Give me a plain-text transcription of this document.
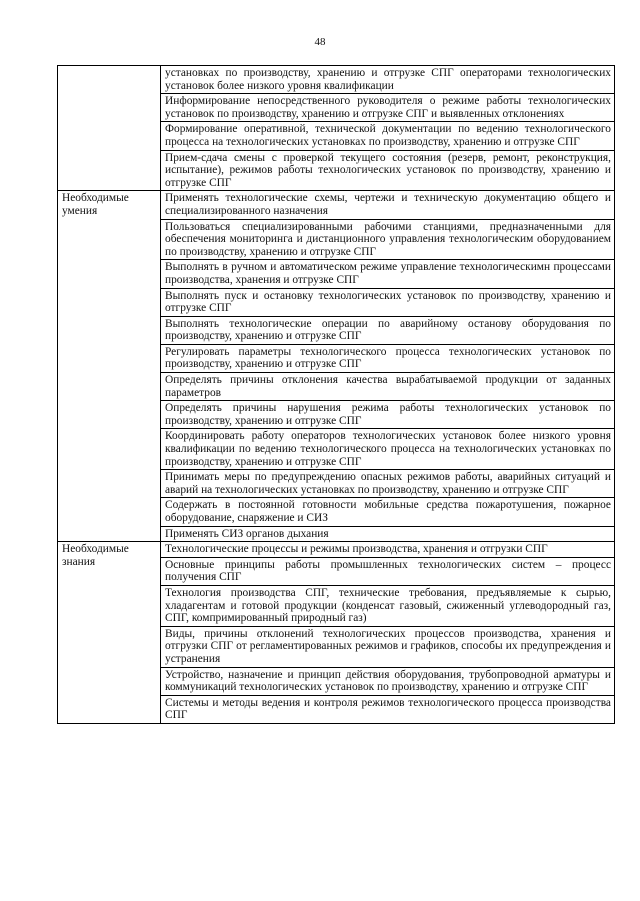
48
	установках по производству, хранению и отгрузке СПГ операторами технологических установок более низкого уровня квалификации
	Информирование непосредственного руководителя о режиме работы технологических установок по производству, хранению и отгрузке СПГ и выявленных отклонениях
	Формирование оперативной, технической документации по ведению технологического процесса на технологических установках по производству, хранению и отгрузке СПГ
	Прием-сдача смены с проверкой текущего состояния (резерв, ремонт, реконструкция, испытание), режимов работы технологических установок по производству, хранению и отгрузке СПГ
Необходимые умения	Применять технологические схемы, чертежи и техническую документацию общего и специализированного назначения
	Пользоваться специализированными рабочими станциями, предназначенными для обеспечения мониторинга и дистанционного управления технологическим оборудованием по производству, хранению и отгрузке СПГ
	Выполнять в ручном и автоматическом режиме управление технологическимн процессами производства, хранения и отгрузке СПГ
	Выполнять пуск и остановку технологических установок по производству, хранению и отгрузке СПГ
	Выполнять технологические операции по аварийному останову оборудования по производству, хранению и отгрузке СПГ
	Регулировать параметры технологического процесса технологических установок по производству, хранению и отгрузке СПГ
	Определять причины отклонения качества вырабатываемой продукции от заданных параметров
	Определять причины нарушения режима работы технологических установок по производству, хранению и отгрузке СПГ
	Координировать работу операторов технологических установок более низкого уровня квалификации по ведению технологического процесса на технологических установках по производству, хранению и отгрузке СПГ
	Принимать меры по предупреждению опасных режимов работы, аварийных ситуаций и аварий на технологических установках по производству, хранению и отгрузке СПГ
	Содержать в постоянной готовности мобильные средства пожаротушения, пожарное оборудование, снаряжение и СИЗ
	Применять СИЗ органов дыхания
Необходимые знания	Технологические процессы и режимы производства, хранения и отгрузки СПГ
	Основные принципы работы промышленных технологических систем – процесс получения СПГ
	Технология производства СПГ, технические требования, предъявляемые к сырью, хладагентам и готовой продукции (конденсат газовый, сжиженный углеводородный газ, СПГ, компримированный природный газ)
	Виды, причины отклонений технологических процессов производства, хранения и отгрузки СПГ от регламентированных режимов и графиков, способы их предупреждения и устранения
	Устройство, назначение и принцип действия оборудования, трубопроводной арматуры и коммуникаций технологических установок по производству, хранению и отгрузке СПГ
	Системы и методы ведения и контроля режимов технологического процесса производства СПГ
